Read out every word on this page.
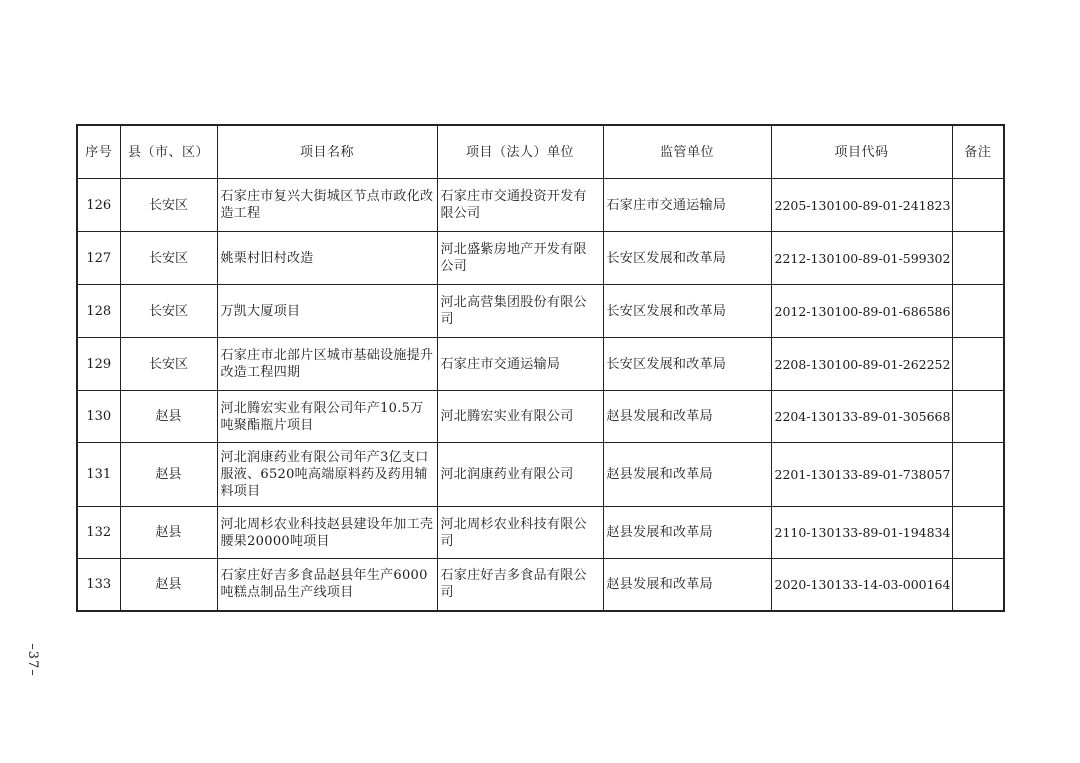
序号	县（市、区）	项目名称	项目（法人）单位	监管单位	项目代码	备注
126	长安区	石家庄市复兴大街城区节点市政化改造工程	石家庄市交通投资开发有限公司	石家庄市交通运输局	2205-130100-89-01-241823	
127	长安区	姚栗村旧村改造	河北盛紫房地产开发有限公司	长安区发展和改革局	2212-130100-89-01-599302	
128	长安区	万凯大厦项目	河北高营集团股份有限公司	长安区发展和改革局	2012-130100-89-01-686586	
129	长安区	石家庄市北部片区城市基础设施提升改造工程四期	石家庄市交通运输局	长安区发展和改革局	2208-130100-89-01-262252	
130	赵县	河北腾宏实业有限公司年产10.5万吨聚酯瓶片项目	河北腾宏实业有限公司	赵县发展和改革局	2204-130133-89-01-305668	
131	赵县	河北润康药业有限公司年产3亿支口服液、6520吨高端原料药及药用辅料项目	河北润康药业有限公司	赵县发展和改革局	2201-130133-89-01-738057	
132	赵县	河北周杉农业科技赵县建设年加工壳腰果20000吨项目	河北周杉农业科技有限公司	赵县发展和改革局	2110-130133-89-01-194834	
133	赵县	石家庄好吉多食品赵县年生产6000吨糕点制品生产线项目	石家庄好吉多食品有限公司	赵县发展和改革局	2020-130133-14-03-000164	
–37–
